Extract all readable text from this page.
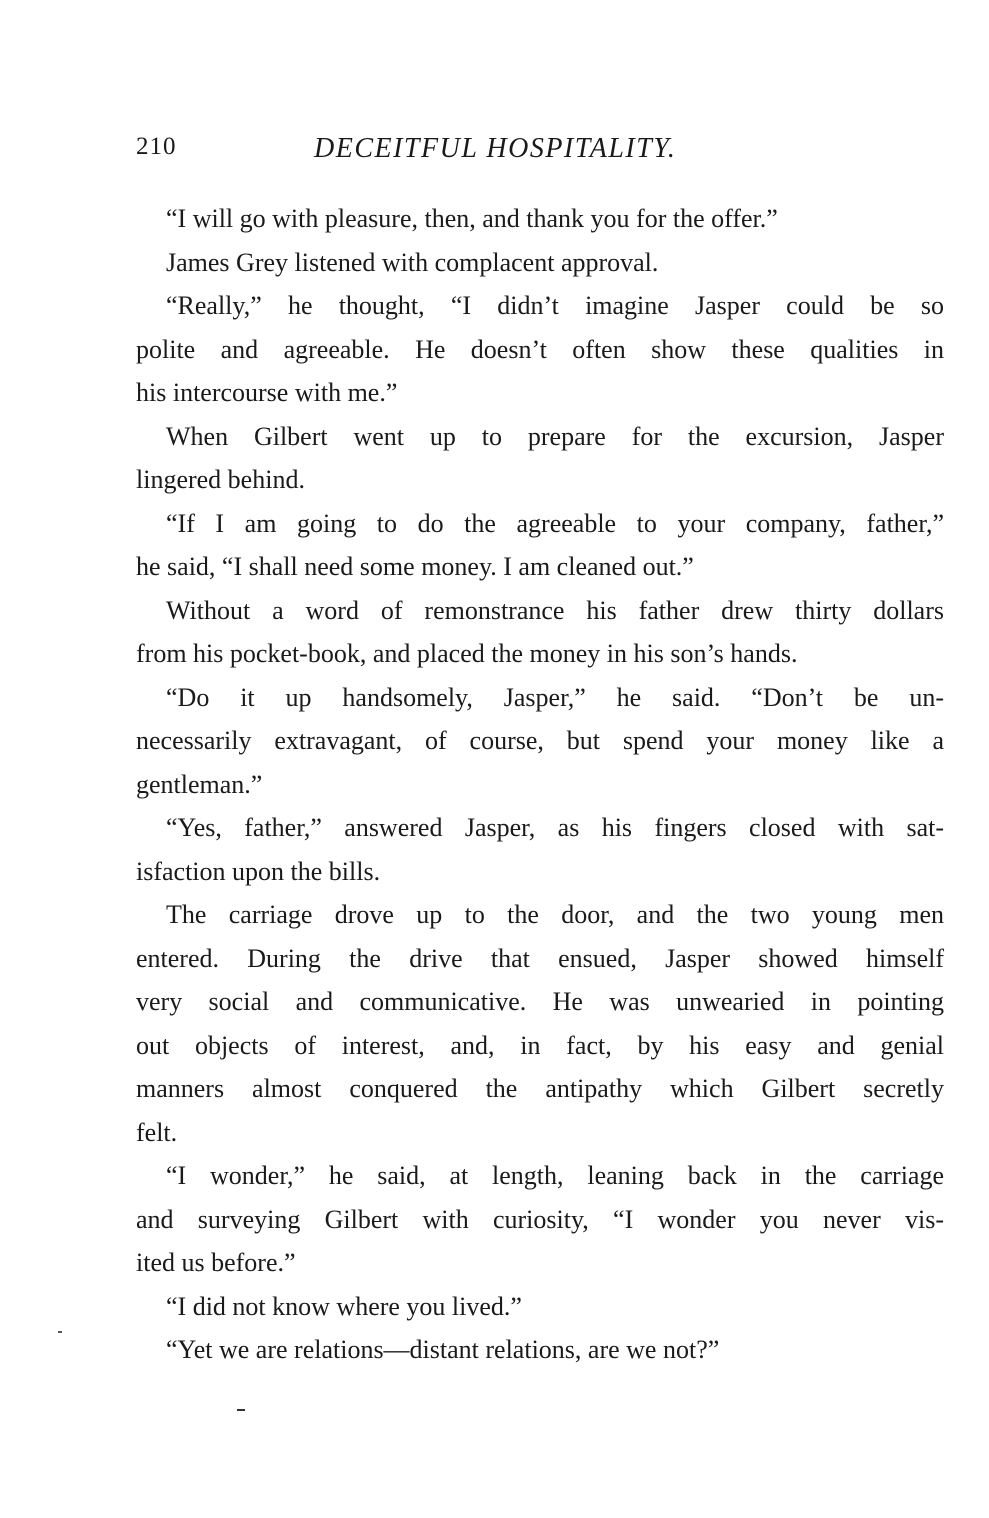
210	DECEITFUL HOSPITALITY.

“I will go with pleasure, then, and thank you for the offer.”

James Grey listened with complacent approval.

“Really,” he thought, “I didn’t imagine Jasper could be so
polite and agreeable. He doesn’t often show these qualities in
his intercourse with me.”

When Gilbert went up to prepare for the excursion, Jasper
lingered behind.

“If I am going to do the agreeable to your company, father,”
he said, “I shall need some money. I am cleaned out.”

Without a word of remonstrance his father drew thirty dollars
from his pocket-book, and placed the money in his son’s hands.

“Do it up handsomely, Jasper,” he said. “Don’t be un-
necessarily extravagant, of course, but spend your money like a
gentleman.”

“Yes, father,” answered Jasper, as his fingers closed with sat-
isfaction upon the bills.

The carriage drove up to the door, and the two young men
entered. During the drive that ensued, Jasper showed himself
very social and communicative. He was unwearied in pointing
out objects of interest, and, in fact, by his easy and genial
manners almost conquered the antipathy which Gilbert secretly
felt.

“I wonder,” he said, at length, leaning back in the carriage
and surveying Gilbert with curiosity, “I wonder you never vis-
ited us before.”

“I did not know where you lived.”

“Yet we are relations—distant relations, are we not?”
